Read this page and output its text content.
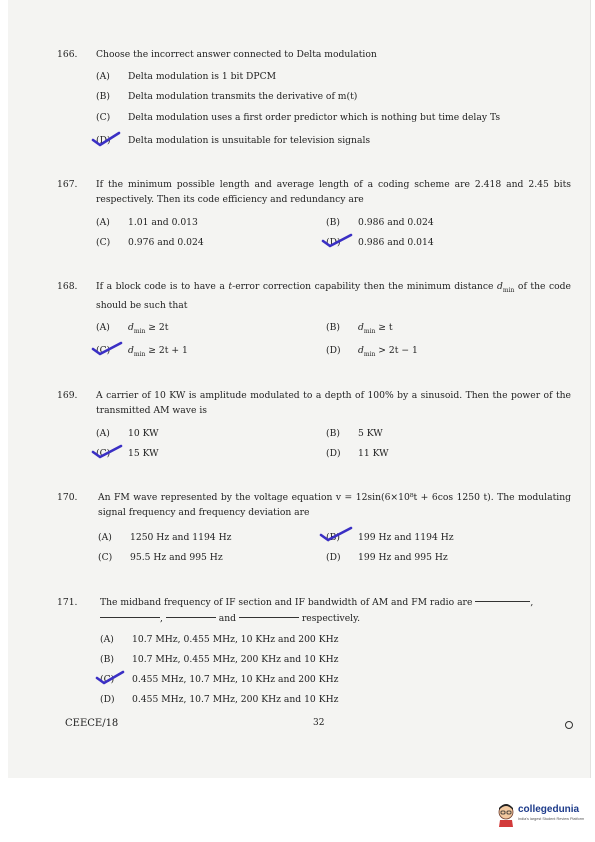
166. Choose the incorrect answer connected to Delta modulation
(A) Delta modulation is 1 bit DPCM
(B) Delta modulation transmits the derivative of m(t)
(C) Delta modulation uses a first order predictor which is nothing but time delay Ts
(D) Delta modulation is unsuitable for television signals
167. If the minimum possible length and average length of a coding scheme are 2.418 and 2.45 bits respectively. Then its code efficiency and redundancy are
(A) 1.01 and 0.013	(B) 0.986 and 0.024
(C) 0.976 and 0.024	(D) 0.986 and 0.014
168. If a block code is to have a t-error correction capability then the minimum distance $d_{min}$ of the code should be such that
(A) $d_{min} \ge 2t$	(B) $d_{min} \ge t$
(C) $d_{min} \ge 2t + 1$	(D) $d_{min} > 2t - 1$
169. A carrier of 10 KW is amplitude modulated to a depth of 100% by a sinusoid. Then the power of the transmitted AM wave is
(A) 10 KW	(B) 5 KW
(C) 15 KW	(D) 11 KW
170. An FM wave represented by the voltage equation v = 12sin(6×10⁸t + 6cos 1250 t). The modulating signal frequency and frequency deviation are
(A) 1250 Hz and 1194 Hz	(B) 199 Hz and 1194 Hz
(C) 95.5 Hz and 995 Hz	(D) 199 Hz and 995 Hz
171. The midband frequency of IF section and IF bandwidth of AM and FM radio are	,
,	and	respectively.
(A) 10.7 MHz, 0.455 MHz, 10 KHz and 200 KHz
(B) 10.7 MHz, 0.455 MHz, 200 KHz and 10 KHz
(C) 0.455 MHz, 10.7 MHz, 10 KHz and 200 KHz
(D) 0.455 MHz, 10.7 MHz, 200 KHz and 10 KHz
CEECE/18	32
collegedunia
India's largest Student Review Platform
